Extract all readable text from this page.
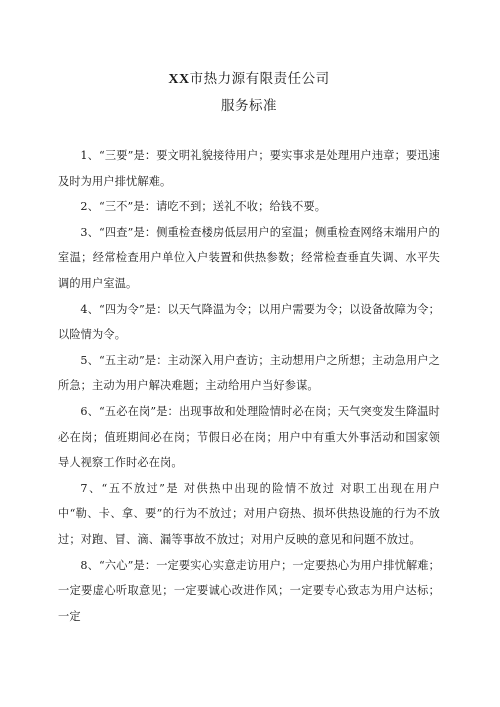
XX市热力源有限责任公司
服务标准

1、“三要”是：要文明礼貌接待用户；要实事求是处理用户违章；要迅速及时为用户排忧解难。

2、“三不”是：请吃不到；送礼不收；给钱不要。

3、“四查”是：侧重检查楼房低层用户的室温；侧重检查网络末端用户的室温；经常检查用户单位入户装置和供热参数；经常检查垂直失调、水平失调的用户室温。

4、“四为令”是：以天气降温为令；以用户需要为令；以设备故障为令；以险情为令。

5、“五主动”是：主动深入用户查访；主动想用户之所想；主动急用户之所急；主动为用户解决难题；主动给用户当好参谋。

6、“五必在岗”是：出现事故和处理险情时必在岗；天气突变发生降温时必在岗；值班期间必在岗；节假日必在岗；用户中有重大外事活动和国家领导人视察工作时必在岗。

7、“五不放过”是 对供热中出现的险情不放过 对职工出现在用户中“勒、卡、拿、要”的行为不放过；对用户窃热、损坏供热设施的行为不放过；对跑、冒、滴、漏等事故不放过；对用户反映的意见和问题不放过。

8、“六心”是：一定要实心实意走访用户；一定要热心为用户排忧解难；一定要虚心听取意见；一定要诚心改进作风；一定要专心致志为用户达标；一定
